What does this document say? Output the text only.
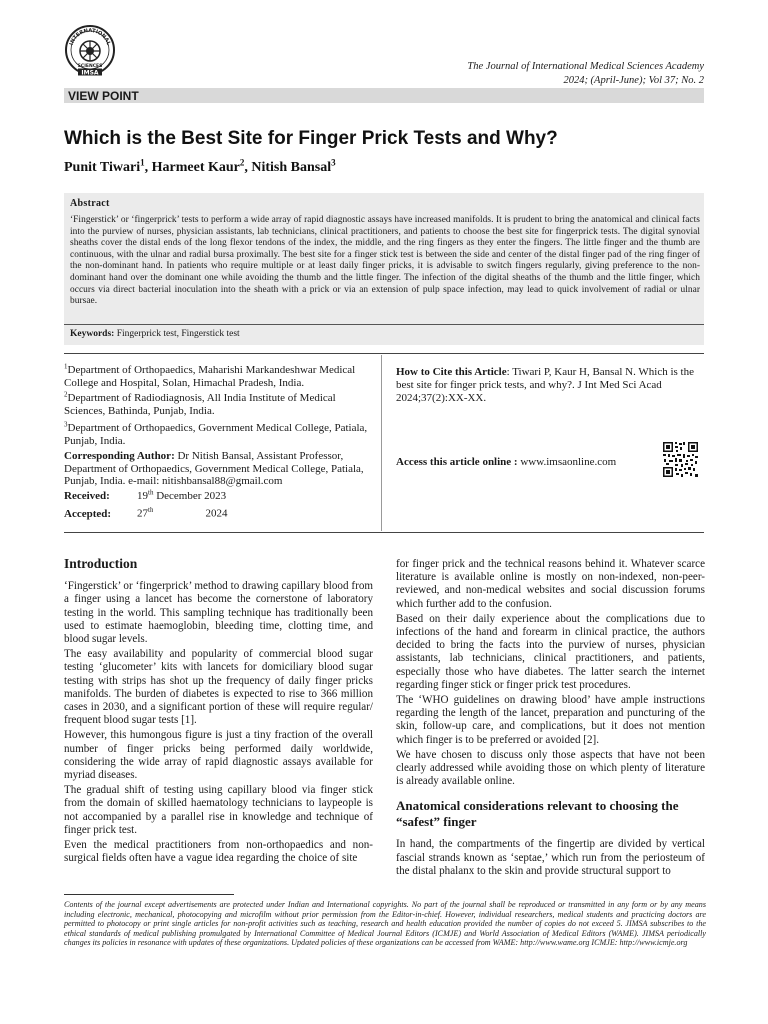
INTERNATIONAL
SCIENCES
IMSA
The Journal of International Medical Sciences Academy
2024; (April-June); Vol 37; No. 2
VIEW POINT
Which is the Best Site for Finger Prick Tests and Why?
Punit Tiwari$^1$, Harmeet Kaur$^2$, Nitish Bansal$^3$
Abstract
‘Fingerstick’ or ‘fingerprick’ tests to perform a wide array of rapid diagnostic assays have increased manifolds. It is prudent to bring the anatomical and clinical facts into the purview of nurses, physician assistants, lab technicians, clinical practitioners, and patients to choose the best site for fingerprick tests. The digital synovial sheaths cover the distal ends of the long flexor tendons of the index, the middle, and the ring fingers as they enter the fingers. The little finger and the thumb are continuous, with the ulnar and radial bursa proximally. The best site for a finger stick test is between the side and center of the distal finger pad of the ring finger of the non-dominant hand. In patients who require multiple or at least daily finger pricks, it is advisable to switch fingers regularly, giving preference to the non-dominant hand over the dominant one while avoiding the thumb and the little finger. The infection of the digital sheaths of the thumb and the little finger, which occurs via direct bacterial inoculation into the sheath with a prick or via an extension of pulp space infection, may lead to quick involvement of radial or ulnar bursae.
Keywords: Fingerprick test, Fingerstick test
$^1$Department of Orthopaedics, Maharishi Markandeshwar Medical College and Hospital, Solan, Himachal Pradesh, India.
$^2$Department of Radiodiagnosis, All India Institute of Medical Sciences, Bathinda, Punjab, India.
$^3$Department of Orthopaedics, Government Medical College, Patiala, Punjab, India.
Corresponding Author: Dr Nitish Bansal, Assistant Professor, Department of Orthopaedics, Government Medical College, Patiala, Punjab, India. e-mail: nitishbansal88@gmail.com
Received: 19th December 2023
Accepted: 27th	2024
How to Cite this Article: Tiwari P, Kaur H, Bansal N. Which is the best site for finger prick tests, and why?. J Int Med Sci Acad 2024;37(2):XX-XX.
Access this article online : www.imsaonline.com
Introduction

‘Fingerstick’ or ‘fingerprick’ method to drawing capillary blood from a finger using a lancet has become the cornerstone of laboratory testing in the world. This sampling technique has traditionally been used to estimate haemoglobin, bleeding time, clotting time, and blood sugar levels.

The easy availability and popularity of commercial blood sugar testing ‘glucometer’ kits with lancets for domiciliary blood sugar testing with strips has shot up the frequency of daily finger pricks manifolds. The burden of diabetes is expected to rise to 366 million cases in 2030, and a significant portion of these will require regular/ frequent blood sugar tests [1].

However, this humongous figure is just a tiny fraction of the overall number of finger pricks being performed daily worldwide, considering the wide array of rapid diagnostic assays available for myriad diseases.

The gradual shift of testing using capillary blood via finger stick from the domain of skilled haematology technicians to laypeople is not accompanied by a parallel rise in knowledge and technique of finger prick test.

Even the medical practitioners from non-orthopaedics and non-surgical fields often have a vague idea regarding the choice of site

for finger prick and the technical reasons behind it. Whatever scarce literature is available online is mostly on non-indexed, non-peer-reviewed, and non-medical websites and social discussion forums which further add to the confusion.

Based on their daily experience about the complications due to infections of the hand and forearm in clinical practice, the authors decided to bring the facts into the purview of nurses, physician assistants, lab technicians, clinical practitioners, and patients, especially those who have diabetes. The latter search the internet regarding finger stick or finger prick test procedures.

The ‘WHO guidelines on drawing blood’ have ample instructions regarding the length of the lancet, preparation and puncturing of the skin, follow-up care, and complications, but it does not mention which finger is to be preferred or avoided [2].

We have chosen to discuss only those aspects that have not been clearly addressed while avoiding those on which plenty of literature is already available online.

Anatomical considerations relevant to choosing the “safest” finger

In hand, the compartments of the fingertip are divided by vertical fascial strands known as ‘septae,’ which run from the periosteum of the distal phalanx to the skin and provide structural support to

Contents of the journal except advertisements are protected under Indian and International copyrights. No part of the journal shall be reproduced or transmitted in any form or by any means including electronic, mechanical, photocopying and microfilm without prior permission from the Editor-in-chief. However, individual researchers, medical students and practicing doctors are permitted to photocopy or print single articles for non-profit activities such as teaching, research and health education provided the number of copies do not exceed 5. JIMSA subscribes to the ethical standards of medical publishing promulgated by International Committee of Medical Journal Editors (ICMJE) and World Association of Medical Editors (WAME). JIMSA periodically changes its policies in resonance with updates of these organizations. Updated policies of these organizations can be accessed from WAME: http://www.wame.org ICMJE: http://www.icmje.org
